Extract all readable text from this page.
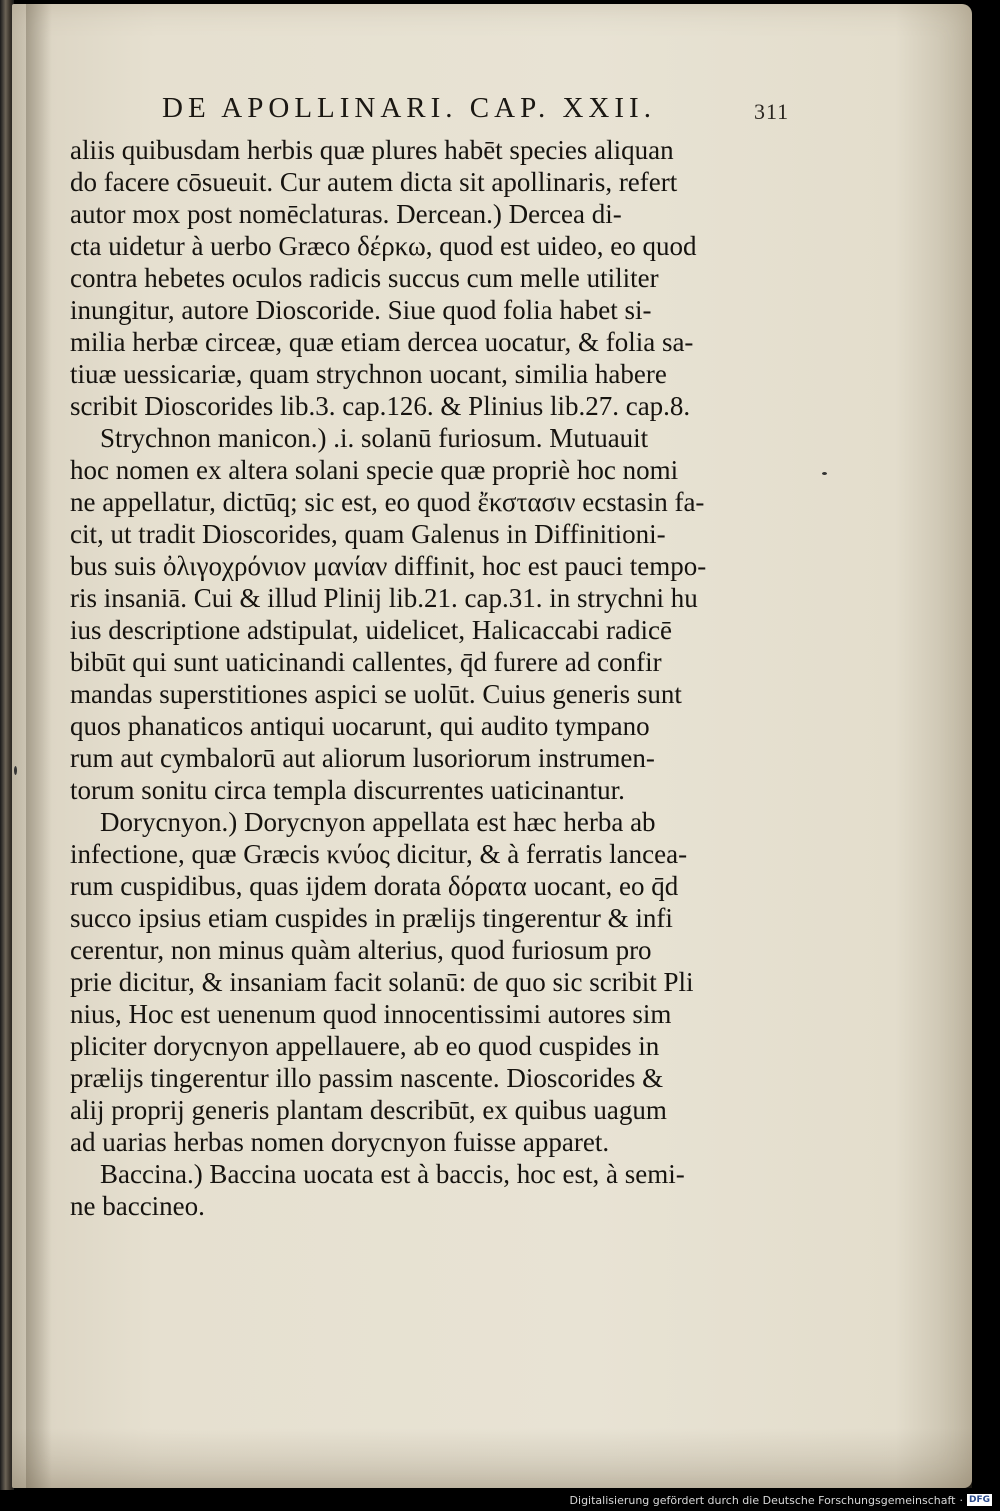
DE APOLLINARI. CAP. XXII.	311
aliis quibusdam herbis quæ plures habēt species aliquan
do facere cōsueuit. Cur autem dicta sit apollinaris, refert
autor mox post nomēclaturas. Dercean.) Dercea di-
cta uidetur à uerbo Græco δέρκω, quod est uideo, eo quod
contra hebetes oculos radicis succus cum melle utiliter
inungitur, autore Dioscoride. Siue quod folia habet si-
milia herbæ circeæ, quæ etiam dercea uocatur, & folia sa-
tiuæ uessicariæ, quam strychnon uocant, similia habere
scribit Dioscorides lib.3. cap.126. & Plinius lib.27. cap.8.
Strychnon manicon.) .i. solanū furiosum. Mutuauit
hoc nomen ex altera solani specie quæ propriè hoc nomi
ne appellatur, dictūq; sic est, eo quod ἔκστασιν ecstasin fa-
cit, ut tradit Dioscorides, quam Galenus in Diffinitioni-
bus suis ὀλιγοχρόνιον μανίαν diffinit, hoc est pauci tempo-
ris insaniā. Cui & illud Plinij lib.21. cap.31. in strychni hu
ius descriptione adstipulat, uidelicet, Halicaccabi radicē
bibūt qui sunt uaticinandi callentes, q̄d furere ad confir
mandas superstitiones aspici se uolūt. Cuius generis sunt
quos phanaticos antiqui uocarunt, qui audito tympano
rum aut cymbalorū aut aliorum lusoriorum instrumen-
torum sonitu circa templa discurrentes uaticinantur.
Dorycnyon.) Dorycnyon appellata est hæc herba ab
infectione, quæ Græcis κνύος dicitur, & à ferratis lancea-
rum cuspidibus, quas ijdem dorata δόρατα uocant, eo q̄d
succo ipsius etiam cuspides in prælijs tingerentur & infi
cerentur, non minus quàm alterius, quod furiosum pro
prie dicitur, & insaniam facit solanū: de quo sic scribit Pli
nius, Hoc est uenenum quod innocentissimi autores sim
pliciter dorycnyon appellauere, ab eo quod cuspides in
prælijs tingerentur illo passim nascente. Dioscorides &
alij proprij generis plantam describūt, ex quibus uagum
ad uarias herbas nomen dorycnyon fuisse apparet.
Baccina.) Baccina uocata est à baccis, hoc est, à semi-
ne baccineo.
Digitalisierung gefördert durch die Deutsche Forschungsgemeinschaft · DFG
